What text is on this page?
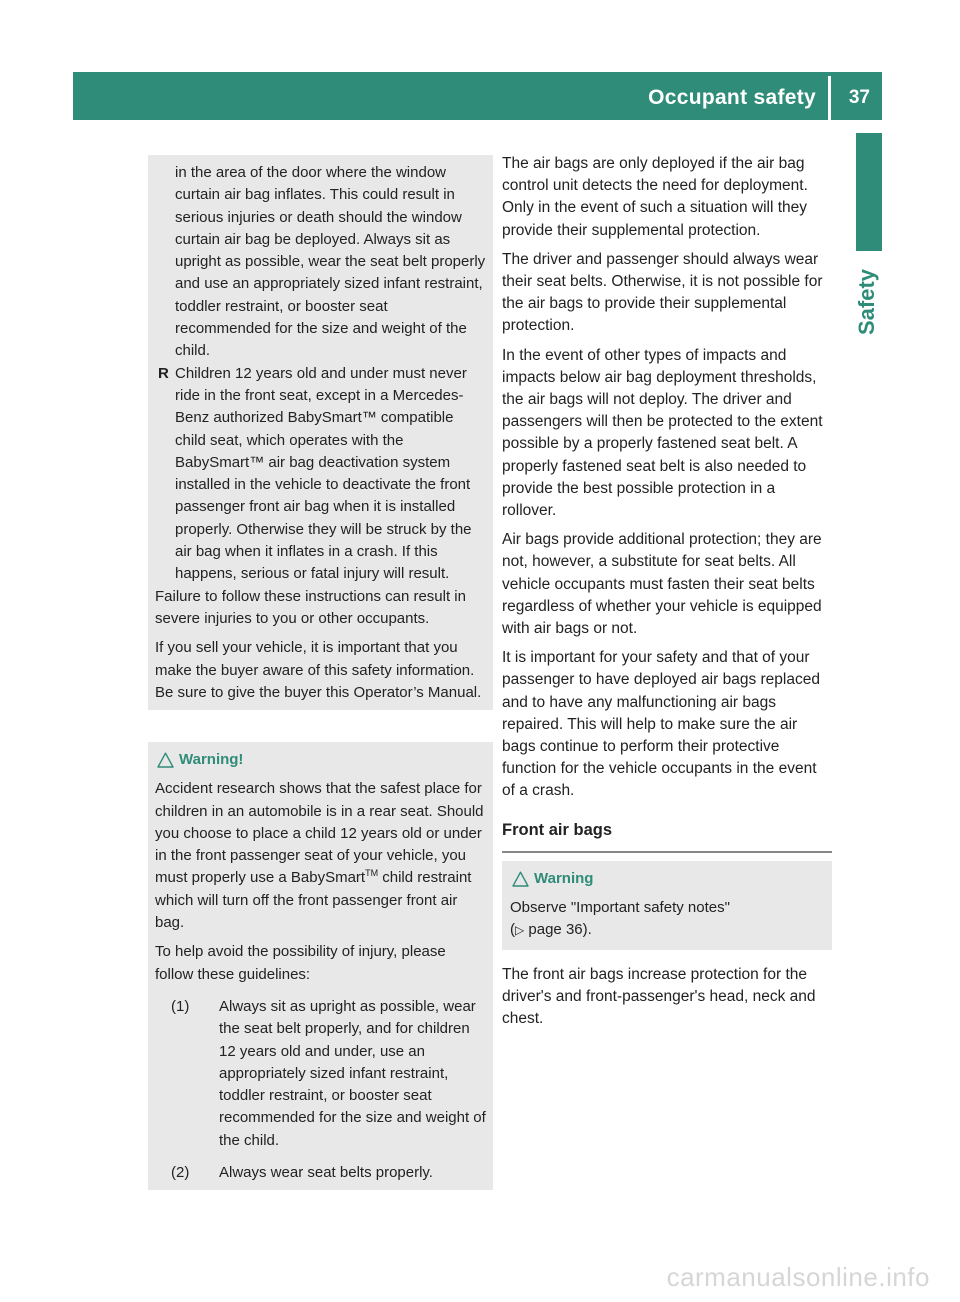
Occupant safety 37
Safety

in the area of the door where the window curtain air bag inflates. This could result in serious injuries or death should the window curtain air bag be deployed. Always sit as upright as possible, wear the seat belt properly and use an appropriately sized infant restraint, toddler restraint, or booster seat recommended for the size and weight of the child.

R Children 12 years old and under must never ride in the front seat, except in a Mercedes-Benz authorized BabySmart™ compatible child seat, which operates with the BabySmart™ air bag deactivation system installed in the vehicle to deactivate the front passenger front air bag when it is installed properly. Otherwise they will be struck by the air bag when it inflates in a crash. If this happens, serious or fatal injury will result.

Failure to follow these instructions can result in severe injuries to you or other occupants.

If you sell your vehicle, it is important that you make the buyer aware of this safety information. Be sure to give the buyer this Operator’s Manual.

Warning!

Accident research shows that the safest place for children in an automobile is in a rear seat. Should you choose to place a child 12 years old or under in the front passenger seat of your vehicle, you must properly use a BabySmart™ child restraint which will turn off the front passenger front air bag.

To help avoid the possibility of injury, please follow these guidelines:

(1)	Always sit as upright as possible, wear the seat belt properly, and for children 12 years old and under, use an appropriately sized infant restraint, toddler restraint, or booster seat recommended for the size and weight of the child.
(2)	Always wear seat belts properly.

The air bags are only deployed if the air bag control unit detects the need for deployment. Only in the event of such a situation will they provide their supplemental protection.

The driver and passenger should always wear their seat belts. Otherwise, it is not possible for the air bags to provide their supplemental protection.

In the event of other types of impacts and impacts below air bag deployment thresholds, the air bags will not deploy. The driver and passengers will then be protected to the extent possible by a properly fastened seat belt. A properly fastened seat belt is also needed to provide the best possible protection in a rollover.

Air bags provide additional protection; they are not, however, a substitute for seat belts. All vehicle occupants must fasten their seat belts regardless of whether your vehicle is equipped with air bags or not.

It is important for your safety and that of your passenger to have deployed air bags replaced and to have any malfunctioning air bags repaired. This will help to make sure the air bags continue to perform their protective function for the vehicle occupants in the event of a crash.

Front air bags
Warning

Observe "Important safety notes"

(▷ page 36).

The front air bags increase protection for the driver's and front-passenger's head, neck and chest.

carmanualsonline.info
